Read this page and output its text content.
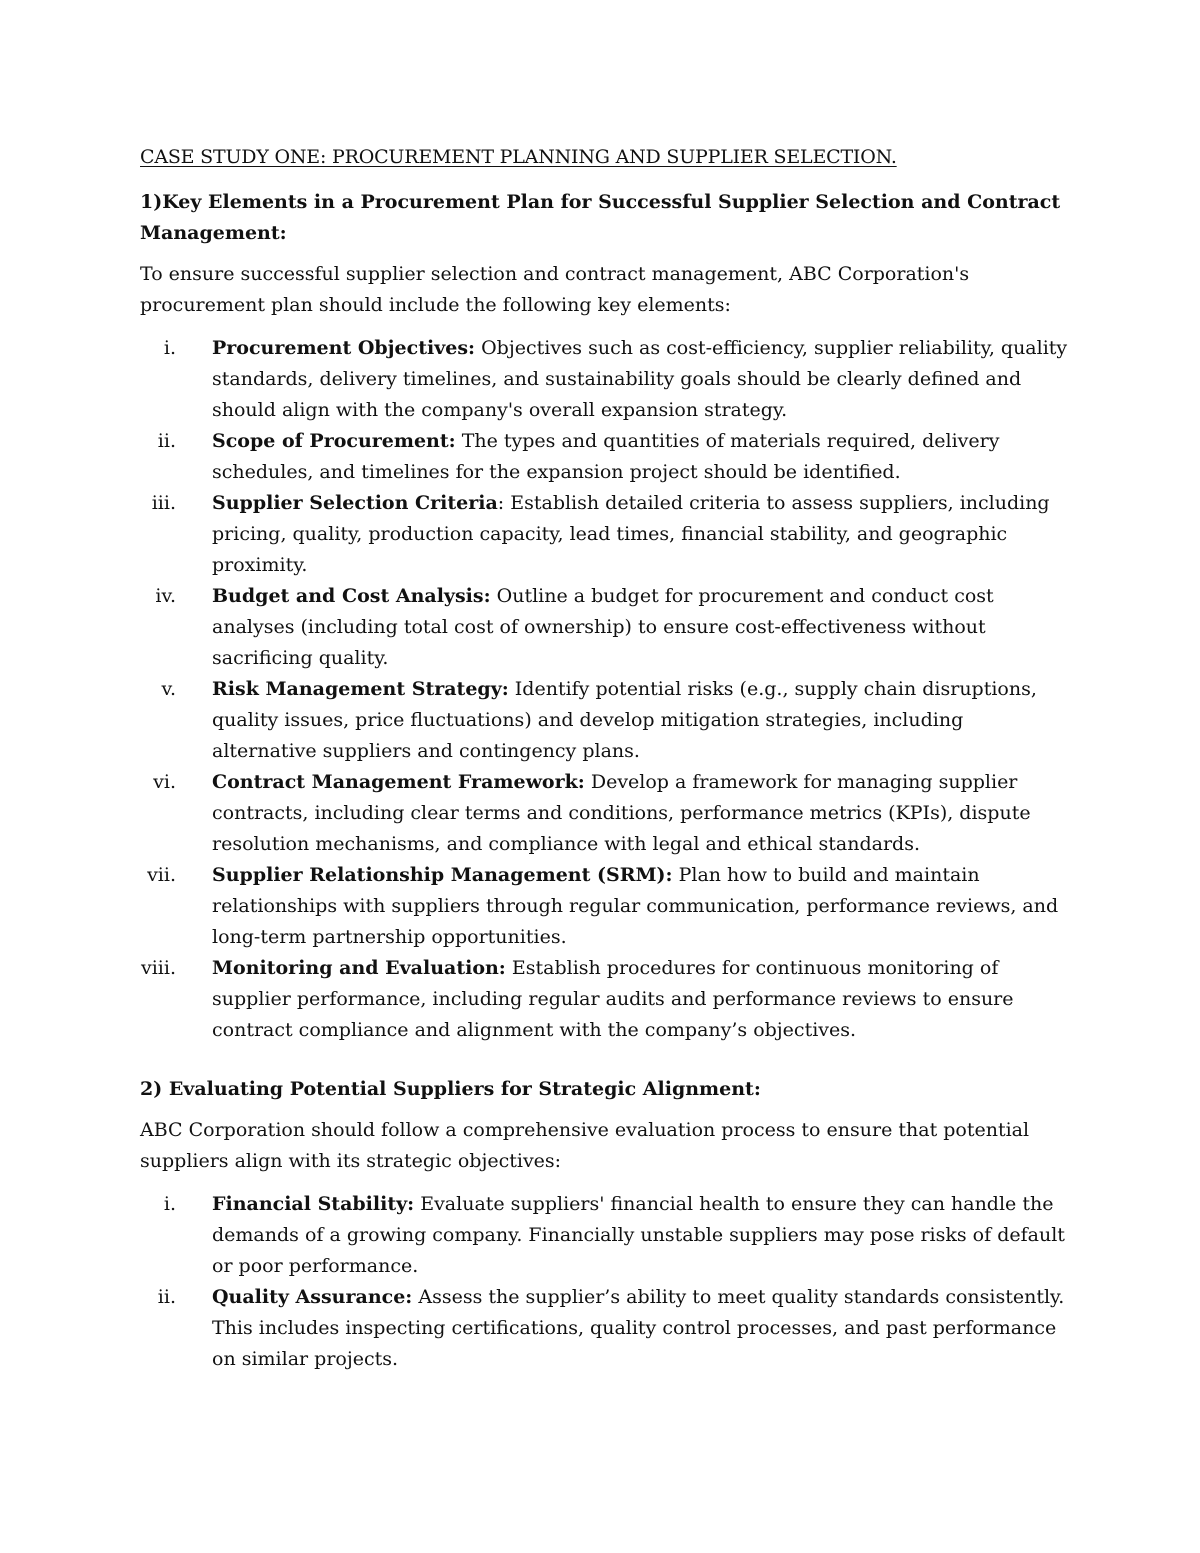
CASE STUDY ONE: PROCUREMENT PLANNING AND SUPPLIER SELECTION.

1)Key Elements in a Procurement Plan for Successful Supplier Selection and Contract Management:

To ensure successful supplier selection and contract management, ABC Corporation's procurement plan should include the following key elements:

i. Procurement Objectives: Objectives such as cost-efficiency, supplier reliability, quality standards, delivery timelines, and sustainability goals should be clearly defined and should align with the company's overall expansion strategy.
ii. Scope of Procurement: The types and quantities of materials required, delivery schedules, and timelines for the expansion project should be identified.
iii. Supplier Selection Criteria: Establish detailed criteria to assess suppliers, including pricing, quality, production capacity, lead times, financial stability, and geographic proximity.
iv. Budget and Cost Analysis: Outline a budget for procurement and conduct cost analyses (including total cost of ownership) to ensure cost-effectiveness without sacrificing quality.
v. Risk Management Strategy: Identify potential risks (e.g., supply chain disruptions, quality issues, price fluctuations) and develop mitigation strategies, including alternative suppliers and contingency plans.
vi. Contract Management Framework: Develop a framework for managing supplier contracts, including clear terms and conditions, performance metrics (KPIs), dispute resolution mechanisms, and compliance with legal and ethical standards.
vii. Supplier Relationship Management (SRM): Plan how to build and maintain relationships with suppliers through regular communication, performance reviews, and long-term partnership opportunities.
viii. Monitoring and Evaluation: Establish procedures for continuous monitoring of supplier performance, including regular audits and performance reviews to ensure contract compliance and alignment with the company’s objectives.

2) Evaluating Potential Suppliers for Strategic Alignment:

ABC Corporation should follow a comprehensive evaluation process to ensure that potential suppliers align with its strategic objectives:

i. Financial Stability: Evaluate suppliers' financial health to ensure they can handle the demands of a growing company. Financially unstable suppliers may pose risks of default or poor performance.
ii. Quality Assurance: Assess the supplier’s ability to meet quality standards consistently. This includes inspecting certifications, quality control processes, and past performance on similar projects.
